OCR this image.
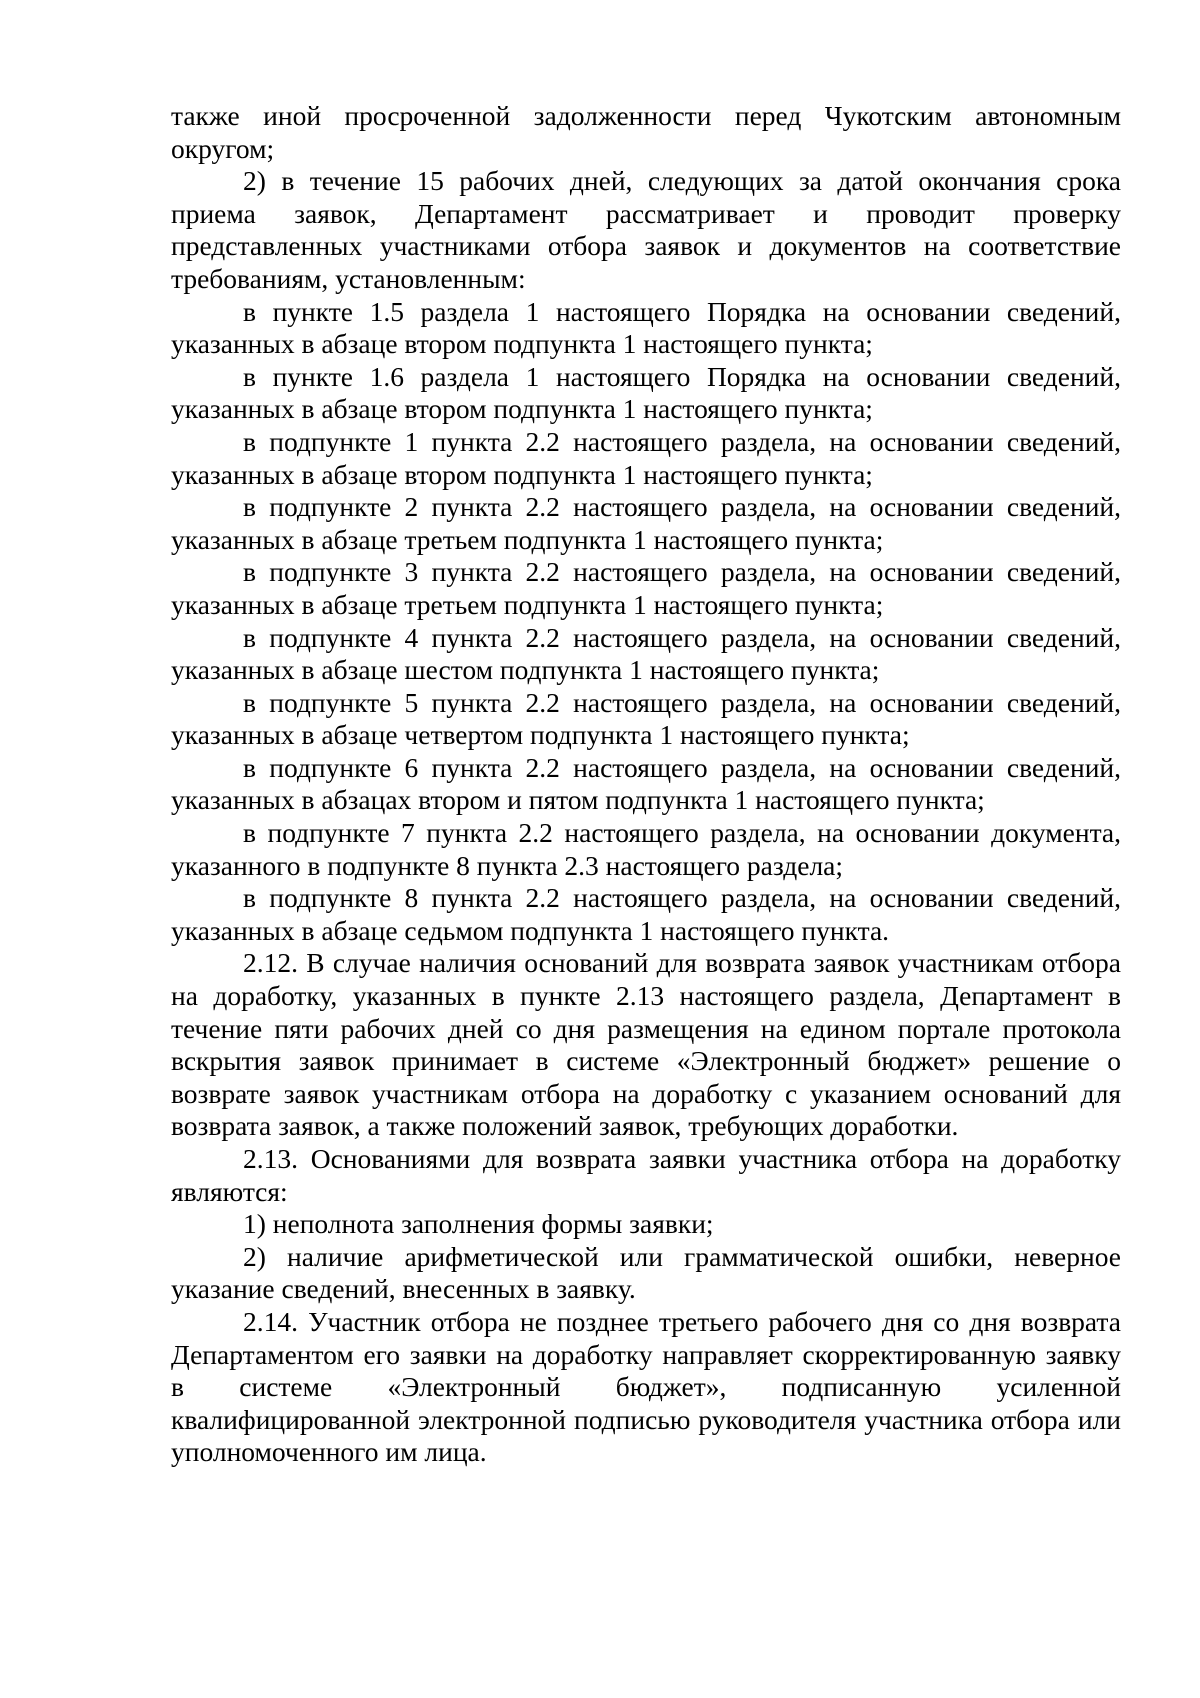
также иной просроченной задолженности перед Чукотским автономным округом;

2) в течение 15 рабочих дней, следующих за датой окончания срока приема заявок, Департамент рассматривает и проводит проверку представленных участниками отбора заявок и документов на соответствие требованиям, установленным:

в пункте 1.5 раздела 1 настоящего Порядка на основании сведений, указанных в абзаце втором подпункта 1 настоящего пункта;

в пункте 1.6 раздела 1 настоящего Порядка на основании сведений, указанных в абзаце втором подпункта 1 настоящего пункта;

в подпункте 1 пункта 2.2 настоящего раздела, на основании сведений, указанных в абзаце втором подпункта 1 настоящего пункта;

в подпункте 2 пункта 2.2 настоящего раздела, на основании сведений, указанных в абзаце третьем подпункта 1 настоящего пункта;

в подпункте 3 пункта 2.2 настоящего раздела, на основании сведений, указанных в абзаце третьем подпункта 1 настоящего пункта;

в подпункте 4 пункта 2.2 настоящего раздела, на основании сведений, указанных в абзаце шестом подпункта 1 настоящего пункта;

в подпункте 5 пункта 2.2 настоящего раздела, на основании сведений, указанных в абзаце четвертом подпункта 1 настоящего пункта;

в подпункте 6 пункта 2.2 настоящего раздела, на основании сведений, указанных в абзацах втором и пятом подпункта 1 настоящего пункта;

в подпункте 7 пункта 2.2 настоящего раздела, на основании документа, указанного в подпункте 8 пункта 2.3 настоящего раздела;

в подпункте 8 пункта 2.2 настоящего раздела, на основании сведений, указанных в абзаце седьмом подпункта 1 настоящего пункта.

2.12. В случае наличия оснований для возврата заявок участникам отбора на доработку, указанных в пункте 2.13 настоящего раздела, Департамент в течение пяти рабочих дней со дня размещения на едином портале протокола вскрытия заявок принимает в системе «Электронный бюджет» решение о возврате заявок участникам отбора на доработку с указанием оснований для возврата заявок, а также положений заявок, требующих доработки.

2.13. Основаниями для возврата заявки участника отбора на доработку являются:

1) неполнота заполнения формы заявки;

2) наличие арифметической или грамматической ошибки, неверное указание сведений, внесенных в заявку.

2.14. Участник отбора не позднее третьего рабочего дня со дня возврата Департаментом его заявки на доработку направляет скорректированную заявку в системе «Электронный бюджет», подписанную усиленной квалифицированной электронной подписью руководителя участника отбора или уполномоченного им лица.
